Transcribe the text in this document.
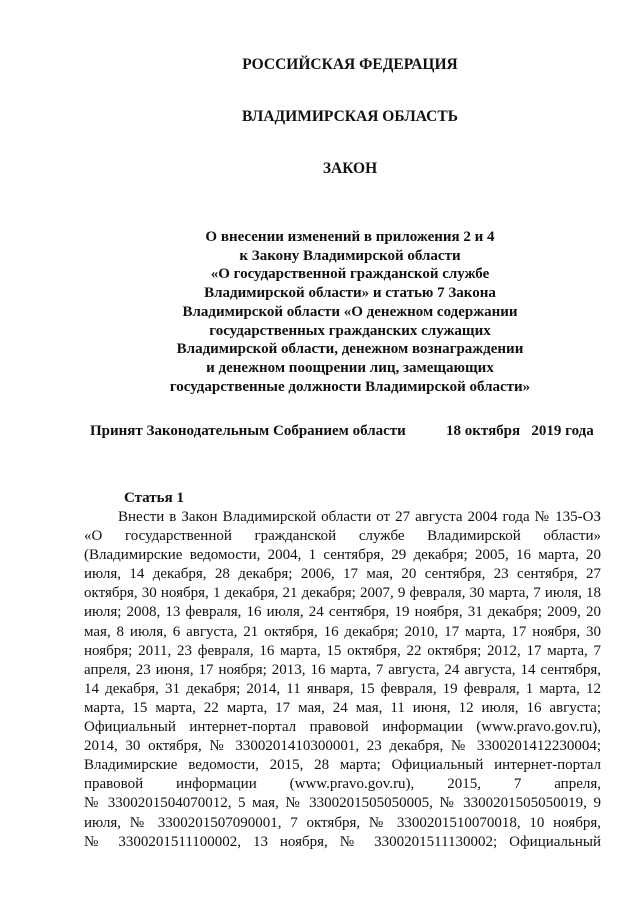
РОССИЙСКАЯ ФЕДЕРАЦИЯ
ВЛАДИМИРСКАЯ ОБЛАСТЬ
ЗАКОН
О внесении изменений в приложения 2 и 4
к Закону Владимирской области
«О государственной гражданской службе
Владимирской области» и статью 7 Закона
Владимирской области «О денежном содержании
государственных гражданских служащих
Владимирской области, денежном вознаграждении
и денежном поощрении лиц, замещающих
государственные должности Владимирской области»
Принят Законодательным Собранием области	18 октября   2019 года
Статья 1
Внести в Закон Владимирской области от 27 августа 2004 года № 135-ОЗ
«О государственной гражданской службе Владимирской области»
(Владимирские ведомости, 2004, 1 сентября, 29 декабря; 2005, 16 марта, 20
июля, 14 декабря, 28 декабря; 2006, 17 мая, 20 сентября, 23 сентября, 27
октября, 30 ноября, 1 декабря, 21 декабря; 2007, 9 февраля, 30 марта, 7 июля, 18
июля; 2008, 13 февраля, 16 июля, 24 сентября, 19 ноября, 31 декабря; 2009, 20
мая, 8 июля, 6 августа, 21 октября, 16 декабря; 2010, 17 марта, 17 ноября, 30
ноября; 2011, 23 февраля, 16 марта, 15 октября, 22 октября; 2012, 17 марта, 7
апреля, 23 июня, 17 ноября; 2013, 16 марта, 7 августа, 24 августа, 14 сентября,
14 декабря, 31 декабря; 2014, 11 января, 15 февраля, 19 февраля, 1 марта, 12
марта, 15 марта, 22 марта, 17 мая, 24 мая, 11 июня, 12 июля, 16 августа;
Официальный интернет-портал правовой информации (www.pravo.gov.ru),
2014, 30 октября, № 3300201410300001, 23 декабря, № 3300201412230004;
Владимирские ведомости, 2015, 28 марта; Официальный интернет-портал
правовой информации (www.pravo.gov.ru), 2015, 7 апреля,
№ 3300201504070012, 5 мая, № 3300201505050005, № 3300201505050019, 9
июля, № 3300201507090001, 7 октября, № 3300201510070018, 10 ноября,
№ 3300201511100002, 13 ноября, № 3300201511130002; Официальный
